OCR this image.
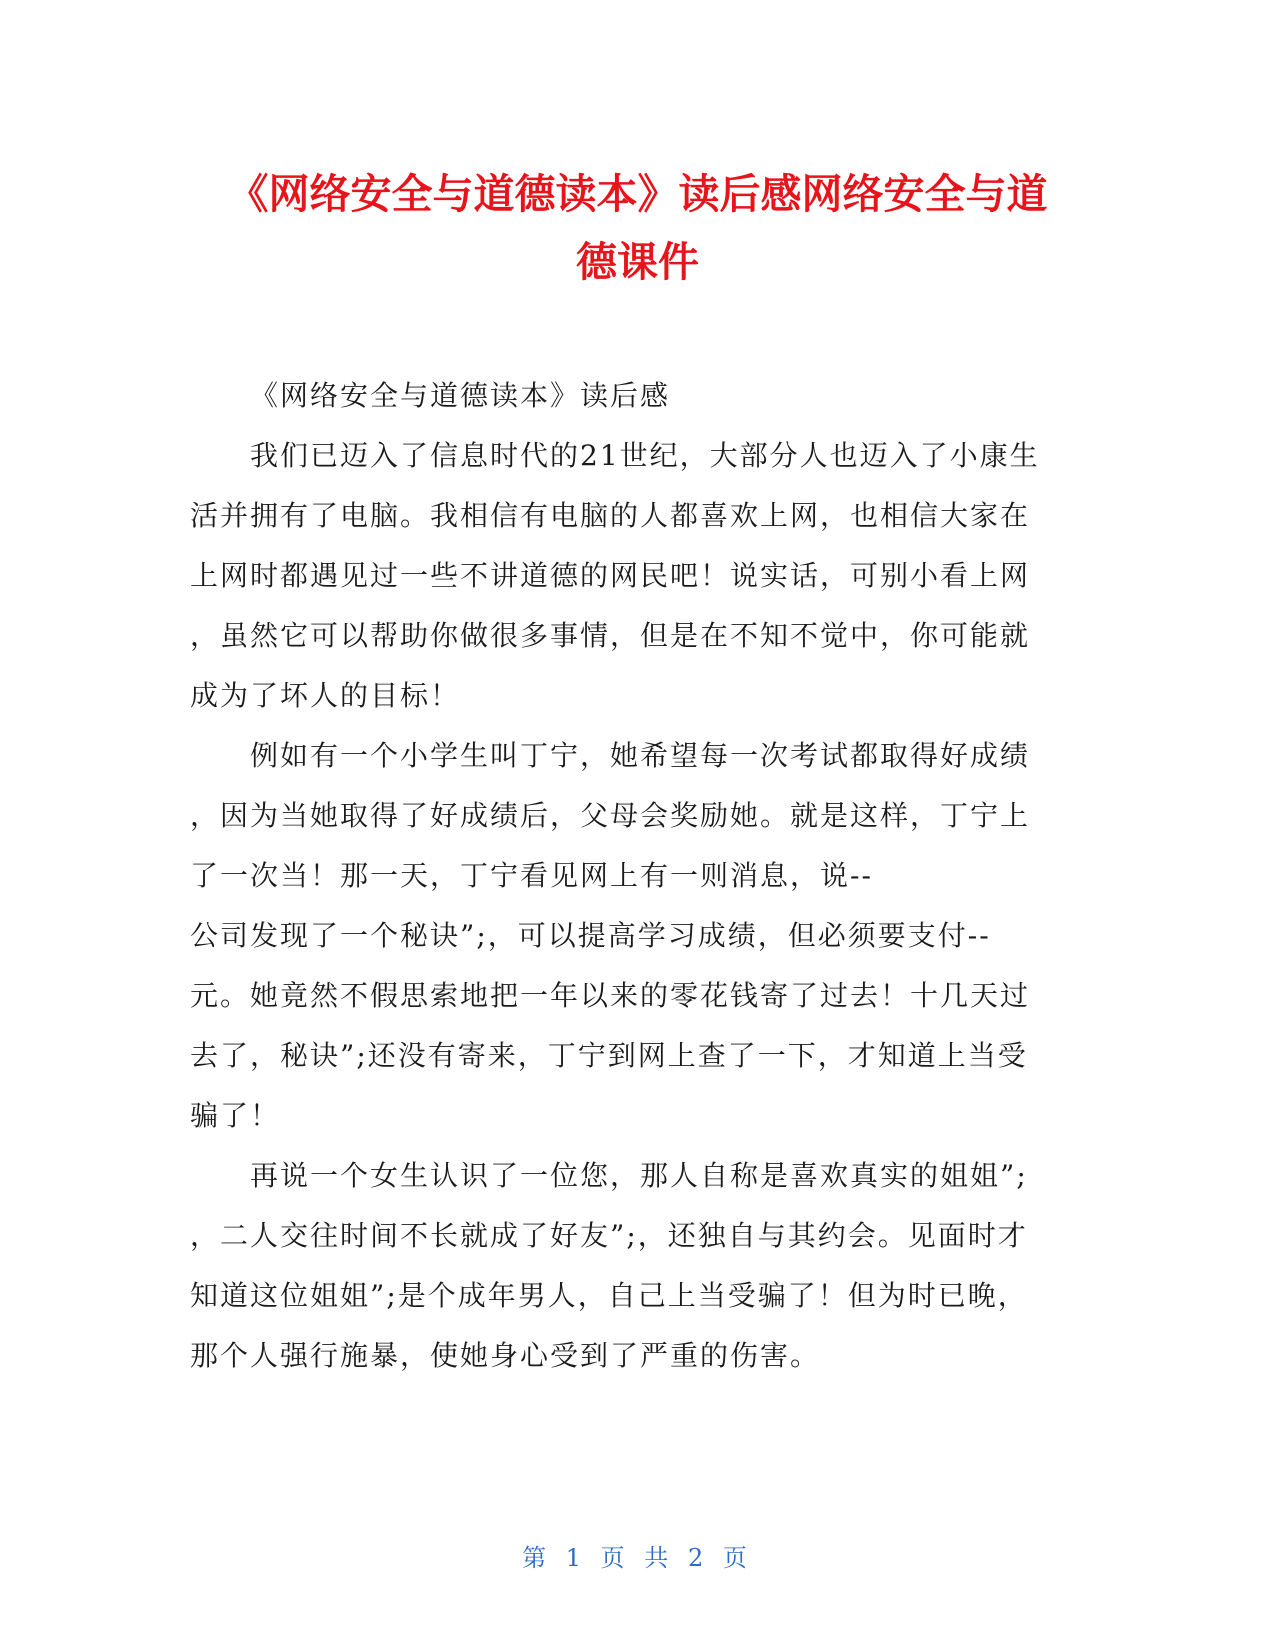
《网络安全与道德读本》读后感网络安全与道
德课件
《网络安全与道德读本》读后感
我们已迈入了信息时代的21世纪，大部分人也迈入了小康生
活并拥有了电脑。我相信有电脑的人都喜欢上网，也相信大家在
上网时都遇见过一些不讲道德的网民吧！说实话，可别小看上网
，虽然它可以帮助你做很多事情，但是在不知不觉中，你可能就
成为了坏人的目标！
例如有一个小学生叫丁宁，她希望每一次考试都取得好成绩
，因为当她取得了好成绩后，父母会奖励她。就是这样，丁宁上
了一次当！那一天，丁宁看见网上有一则消息，说--
公司发现了一个秘诀”;，可以提高学习成绩，但必须要支付--
元。她竟然不假思索地把一年以来的零花钱寄了过去！十几天过
去了，秘诀”;还没有寄来，丁宁到网上查了一下，才知道上当受
骗了！
再说一个女生认识了一位您，那人自称是喜欢真实的姐姐”;
，二人交往时间不长就成了好友”;，还独自与其约会。见面时才
知道这位姐姐”;是个成年男人，自己上当受骗了！但为时已晚，
那个人强行施暴，使她身心受到了严重的伤害。
第 1 页 共 2 页
